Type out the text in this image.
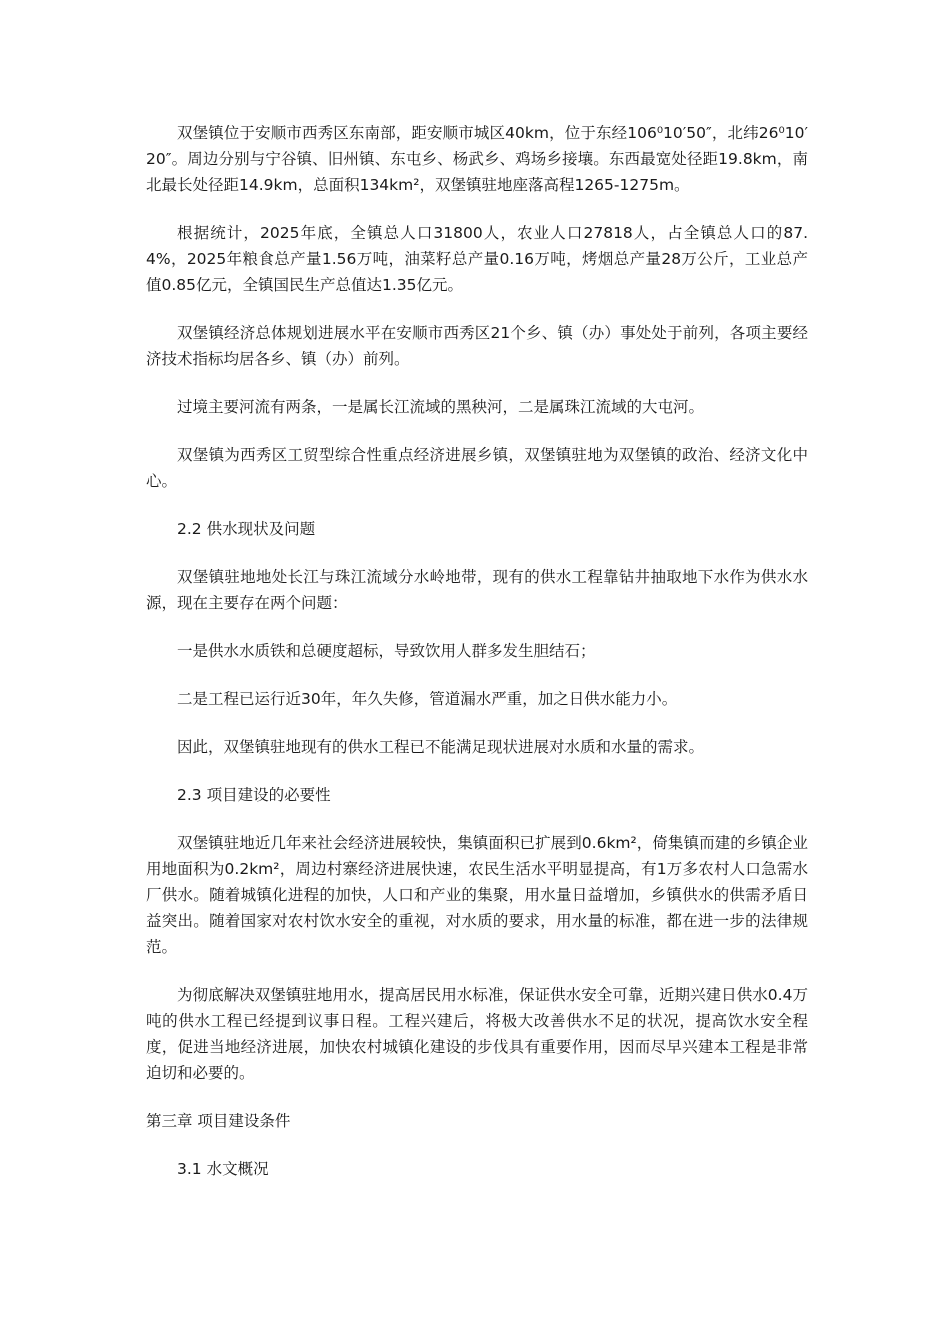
双堡镇位于安顺市西秀区东南部，距安顺市城区40km，位于东经106⁰10′50″，北纬26⁰10′20″。周边分别与宁谷镇、旧州镇、东屯乡、杨武乡、鸡场乡接壤。东西最宽处径距19.8km，南北最长处径距14.9km，总面积134km²，双堡镇驻地座落高程1265-1275m。

根据统计，2025年底，全镇总人口31800人，农业人口27818人，占全镇总人口的87.4%，2025年粮食总产量1.56万吨，油菜籽总产量0.16万吨，烤烟总产量28万公斤，工业总产值0.85亿元，全镇国民生产总值达1.35亿元。

双堡镇经济总体规划进展水平在安顺市西秀区21个乡、镇（办）事处处于前列，各项主要经济技术指标均居各乡、镇（办）前列。

过境主要河流有两条，一是属长江流域的黑秧河，二是属珠江流域的大屯河。

双堡镇为西秀区工贸型综合性重点经济进展乡镇，双堡镇驻地为双堡镇的政治、经济文化中心。

2.2 供水现状及问题

双堡镇驻地地处长江与珠江流域分水岭地带，现有的供水工程靠钻井抽取地下水作为供水水源，现在主要存在两个问题：

一是供水水质铁和总硬度超标，导致饮用人群多发生胆结石；

二是工程已运行近30年，年久失修，管道漏水严重，加之日供水能力小。

因此，双堡镇驻地现有的供水工程已不能满足现状进展对水质和水量的需求。

2.3 项目建设的必要性

双堡镇驻地近几年来社会经济进展较快，集镇面积已扩展到0.6km²，倚集镇而建的乡镇企业用地面积为0.2km²，周边村寨经济进展快速，农民生活水平明显提高，有1万多农村人口急需水厂供水。随着城镇化进程的加快，人口和产业的集聚，用水量日益增加，乡镇供水的供需矛盾日益突出。随着国家对农村饮水安全的重视，对水质的要求，用水量的标准，都在进一步的法律规范。

为彻底解决双堡镇驻地用水，提高居民用水标准，保证供水安全可靠，近期兴建日供水0.4万吨的供水工程已经提到议事日程。工程兴建后，将极大改善供水不足的状况，提高饮水安全程度，促进当地经济进展，加快农村城镇化建设的步伐具有重要作用，因而尽早兴建本工程是非常迫切和必要的。

第三章 项目建设条件

3.1 水文概况
